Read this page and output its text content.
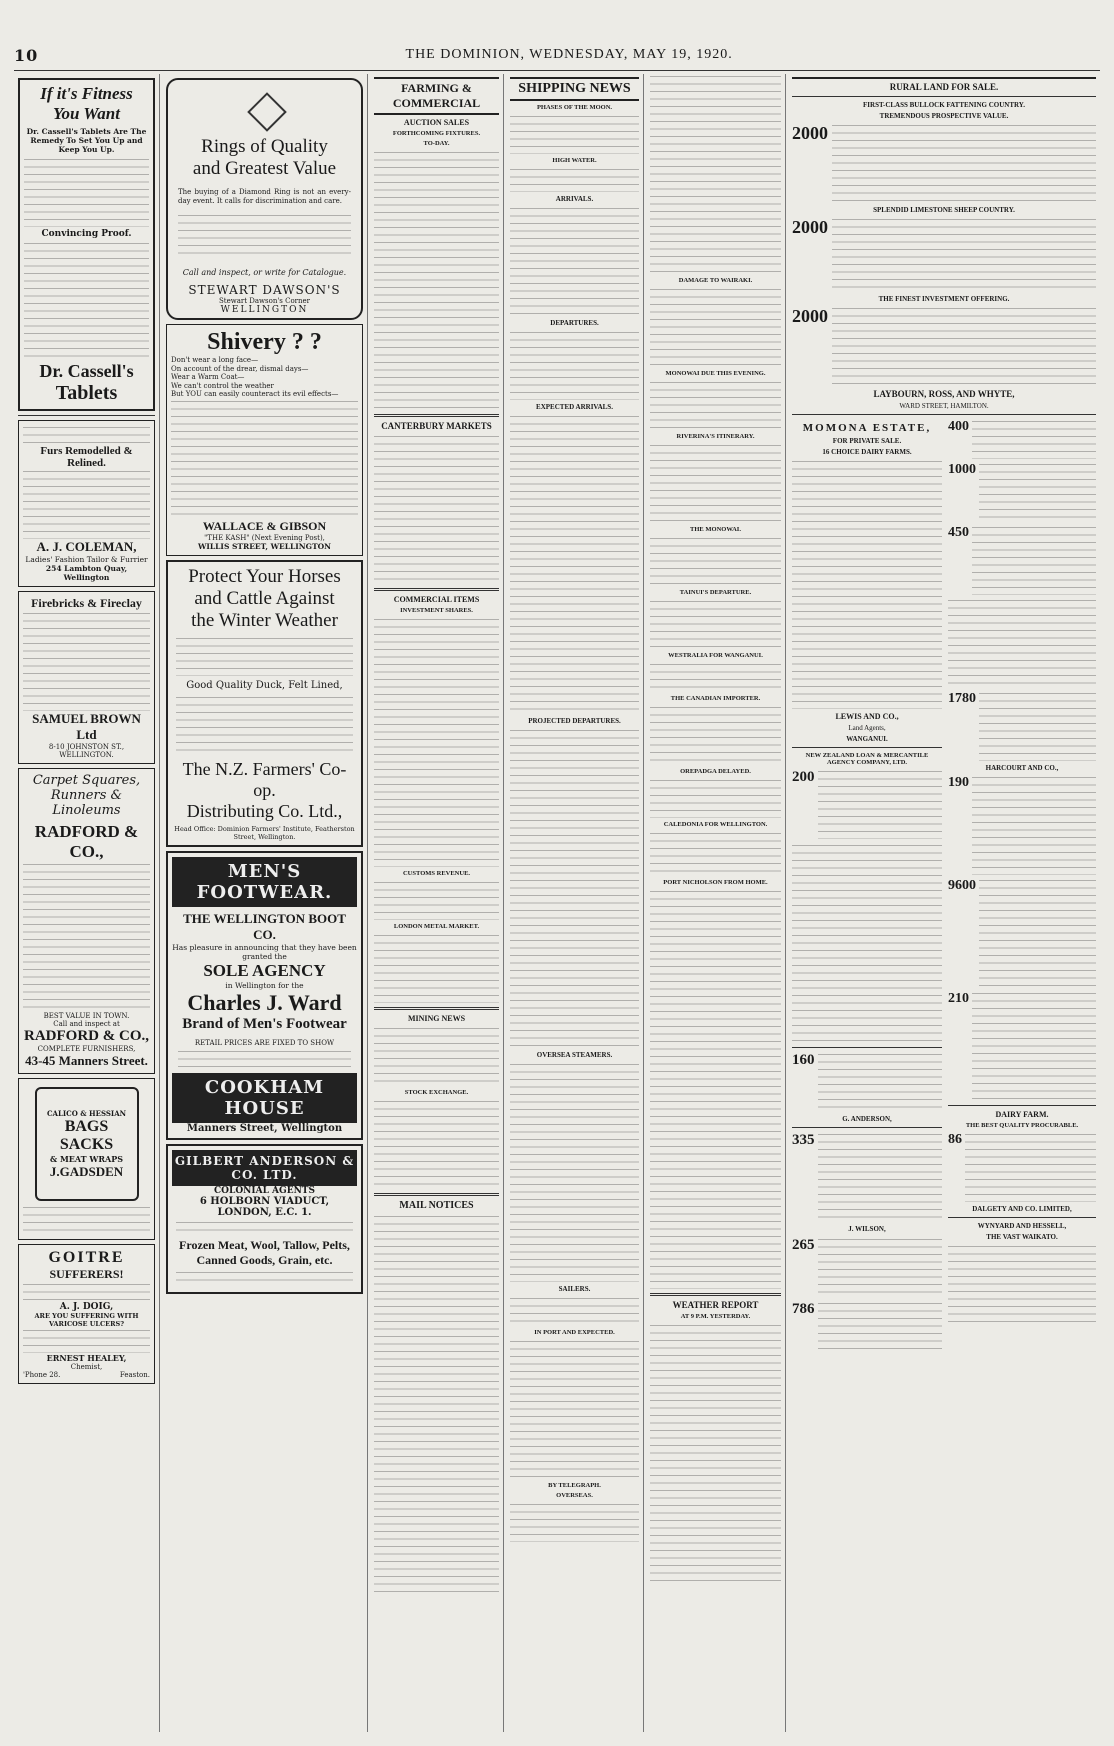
10	THE DOMINION, WEDNESDAY, MAY 19, 1920.
If it's Fitness
You Want
Dr. Cassell's Tablets Are The Remedy To Set You Up and Keep You Up.
Convincing Proof.
Dr. Cassell's
Tablets
Furs Remodelled & Relined.
A. J. COLEMAN,
Ladies' Fashion Tailor & Furrier
254 Lambton Quay, Wellington
Firebricks & Fireclay
SAMUEL BROWN Ltd
8-10 JOHNSTON ST., WELLINGTON.
Carpet Squares,
Runners & Linoleums
RADFORD & CO.,
BEST VALUE IN TOWN.
Call and inspect at
RADFORD & CO.,
COMPLETE FURNISHERS,
43-45 Manners Street.
CALICO & HESSIAN
BAGS
SACKS
& MEAT WRAPS
J.GADSDEN
GOITRE
SUFFERERS!
A. J. DOIG,
ARE YOU SUFFERING WITH VARICOSE ULCERS?
ERNEST HEALEY,
Chemist,
'Phone 28.	Feaston.
Rings of Quality
and Greatest Value
The buying of a Diamond Ring is not an every-day event. It calls for discrimination and care.
Call and inspect, or write for Catalogue.
STEWART DAWSON'S
Stewart Dawson's Corner
WELLINGTON
Shivery ? ?
Don't wear a long face—
On account of the drear, dismal days—
Wear a Warm Coat—
We can't control the weather
But YOU can easily counteract its evil effects—
WALLACE & GIBSON
"THE KASH" (Next Evening Post),
WILLIS STREET, WELLINGTON
Protect Your Horses
and Cattle Against
the Winter Weather
Good Quality Duck, Felt Lined,
The N.Z. Farmers' Co-op.
Distributing Co. Ltd.,
Head Office: Dominion Farmers' Institute, Featherston Street, Wellington.
MEN'S FOOTWEAR.
THE WELLINGTON BOOT CO.
Has pleasure in announcing that they have been granted the
SOLE AGENCY
in Wellington for the
Charles J. Ward
Brand of Men's Footwear
RETAIL PRICES ARE FIXED TO SHOW
COOKHAM HOUSE
Manners Street, Wellington
GILBERT ANDERSON & CO. LTD.
COLONIAL AGENTS
6 HOLBORN VIADUCT, LONDON, E.C. 1.
Frozen Meat, Wool, Tallow, Pelts, Canned Goods, Grain, etc.
FARMING & COMMERCIAL
AUCTION SALES
FORTHCOMING FIXTURES.
TO-DAY.
CANTERBURY MARKETS
COMMERCIAL ITEMS
INVESTMENT SHARES.
CUSTOMS REVENUE.
LONDON METAL MARKET.
MINING NEWS
STOCK EXCHANGE.
MAIL NOTICES
SHIPPING NEWS
PHASES OF THE MOON.
HIGH WATER.
ARRIVALS.
DEPARTURES.
EXPECTED ARRIVALS.
PROJECTED DEPARTURES.
OVERSEA STEAMERS.
SAILERS.
IN PORT AND EXPECTED.
BY TELEGRAPH.
OVERSEAS.
DAMAGE TO WAIRAKI.
MONOWAI DUE THIS EVENING.
RIVERINA'S ITINERARY.
THE MONOWAI.
TAINUI'S DEPARTURE.
WESTRALIA FOR WANGANUI.
THE CANADIAN IMPORTER.
OREPADGA DELAYED.
CALEDONIA FOR WELLINGTON.
PORT NICHOLSON FROM HOME.
WEATHER REPORT
AT 9 P.M. YESTERDAY.
RURAL LAND FOR SALE.
FIRST-CLASS BULLOCK FATTENING COUNTRY.
TREMENDOUS PROSPECTIVE VALUE.
2000
SPLENDID LIMESTONE SHEEP COUNTRY.
2000
THE FINEST INVESTMENT OFFERING.
2000
LAYBOURN, ROSS, AND WHYTE,
WARD STREET, HAMILTON.
MOMONA ESTATE,
FOR PRIVATE SALE.
16 CHOICE DAIRY FARMS.
LEWIS AND CO.,
Land Agents,
WANGANUI.
NEW ZEALAND LOAN & MERCANTILE AGENCY COMPANY, LTD.
200
160
G. ANDERSON,
335
J. WILSON,
265
786
400
1000
450
1780
HARCOURT AND CO.,
190
9600
210
DAIRY FARM.
THE BEST QUALITY PROCURABLE.
86
DALGETY AND CO. LIMITED,
WYNYARD AND HESSELL,
THE VAST WAIKATO.
